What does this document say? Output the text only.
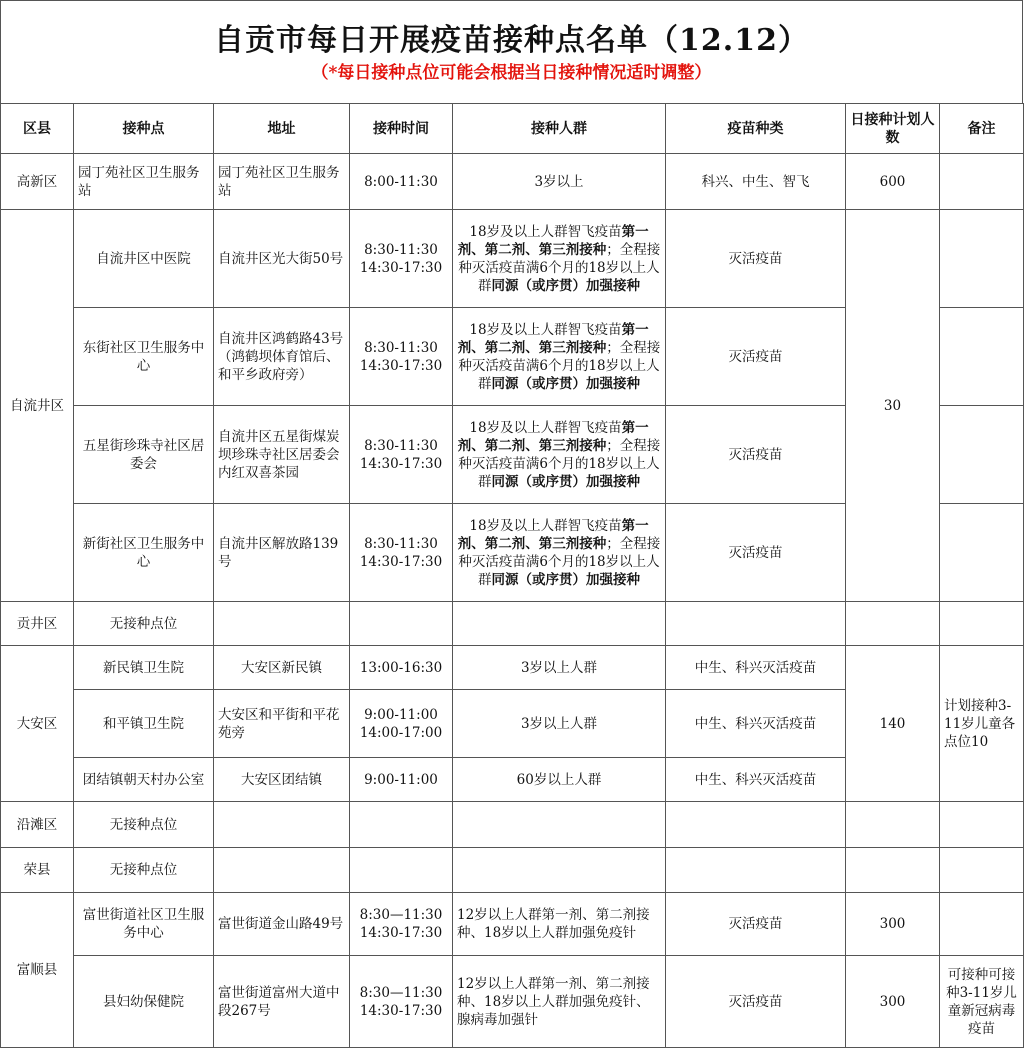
自贡市每日开展疫苗接种点名单（12.12）
（*每日接种点位可能会根据当日接种情况适时调整）
区县	接种点	地址	接种时间	接种人群	疫苗种类	日接种计划人数	备注
高新区	园丁苑社区卫生服务站	园丁苑社区卫生服务站	8:00-11:30	3岁以上	科兴、中生、智飞	600	
自流井区	自流井区中医院	自流井区光大街50号	8:30-11:30
14:30-17:30	18岁及以上人群智飞疫苗第一剂、第二剂、第三剂接种；全程接种灭活疫苗满6个月的18岁以上人群同源（或序贯）加强接种	灭活疫苗	30	
	东街社区卫生服务中心	自流井区鸿鹤路43号（鸿鹤坝体育馆后、和平乡政府旁）	8:30-11:30
14:30-17:30	18岁及以上人群智飞疫苗第一剂、第二剂、第三剂接种；全程接种灭活疫苗满6个月的18岁以上人群同源（或序贯）加强接种	灭活疫苗		
	五星街珍珠寺社区居委会	自流井区五星街煤炭坝珍珠寺社区居委会内红双喜茶园	8:30-11:30
14:30-17:30	18岁及以上人群智飞疫苗第一剂、第二剂、第三剂接种；全程接种灭活疫苗满6个月的18岁以上人群同源（或序贯）加强接种	灭活疫苗		
	新街社区卫生服务中心	自流井区解放路139号	8:30-11:30
14:30-17:30	18岁及以上人群智飞疫苗第一剂、第二剂、第三剂接种；全程接种灭活疫苗满6个月的18岁以上人群同源（或序贯）加强接种	灭活疫苗		
贡井区	无接种点位						
大安区	新民镇卫生院	大安区新民镇	13:00-16:30	3岁以上人群	中生、科兴灭活疫苗	140	计划接种3-11岁儿童各点位10
	和平镇卫生院	大安区和平街和平花苑旁	9:00-11:00
14:00-17:00	3岁以上人群	中生、科兴灭活疫苗		
	团结镇朝天村办公室	大安区团结镇	9:00-11:00	60岁以上人群	中生、科兴灭活疫苗		
沿滩区	无接种点位						
荣县	无接种点位						
富顺县	富世街道社区卫生服务中心	富世街道金山路49号	8:30—11:30
14:30-17:30	12岁以上人群第一剂、第二剂接种、18岁以上人群加强免疫针	灭活疫苗	300	
	县妇幼保健院	富世街道富州大道中段267号	8:30—11:30
14:30-17:30	12岁以上人群第一剂、第二剂接种、18岁以上人群加强免疫针、腺病毒加强针	灭活疫苗	300	可接种可接种3-11岁儿童新冠病毒疫苗
